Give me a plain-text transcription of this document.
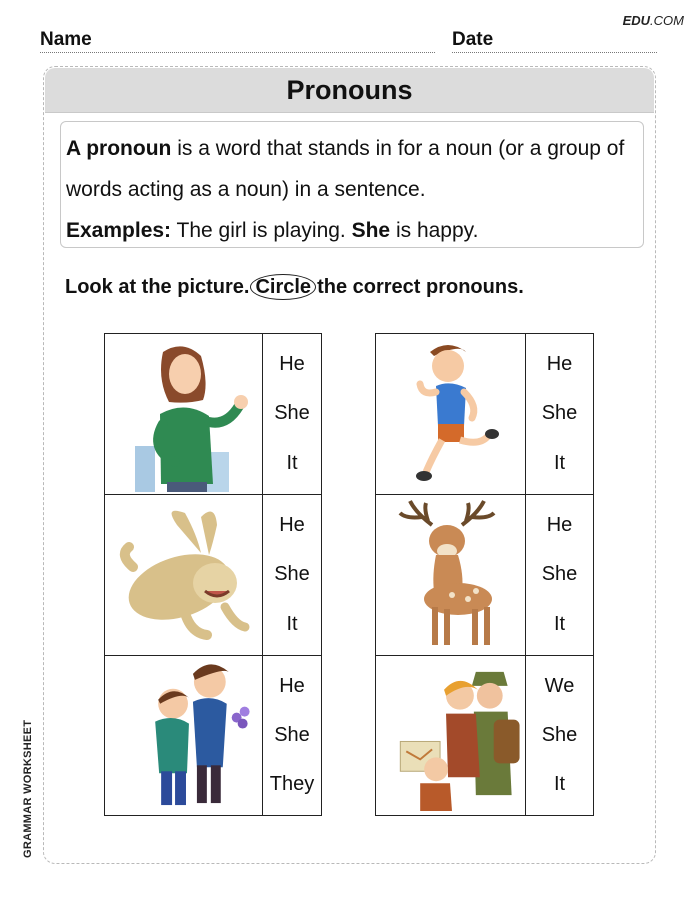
EDU.COM
Name	Date
Pronouns

A pronoun is a word that stands in for a noun (or a group of words acting as a noun) in a sentence.

Examples: The girl is playing. She is happy.

Look at the picture. Circle the correct pronouns.
He
She
It
He
She
It
He
She
They
He
She
It
He
She
It
We
She
It
GRAMMAR WORKSHEET
